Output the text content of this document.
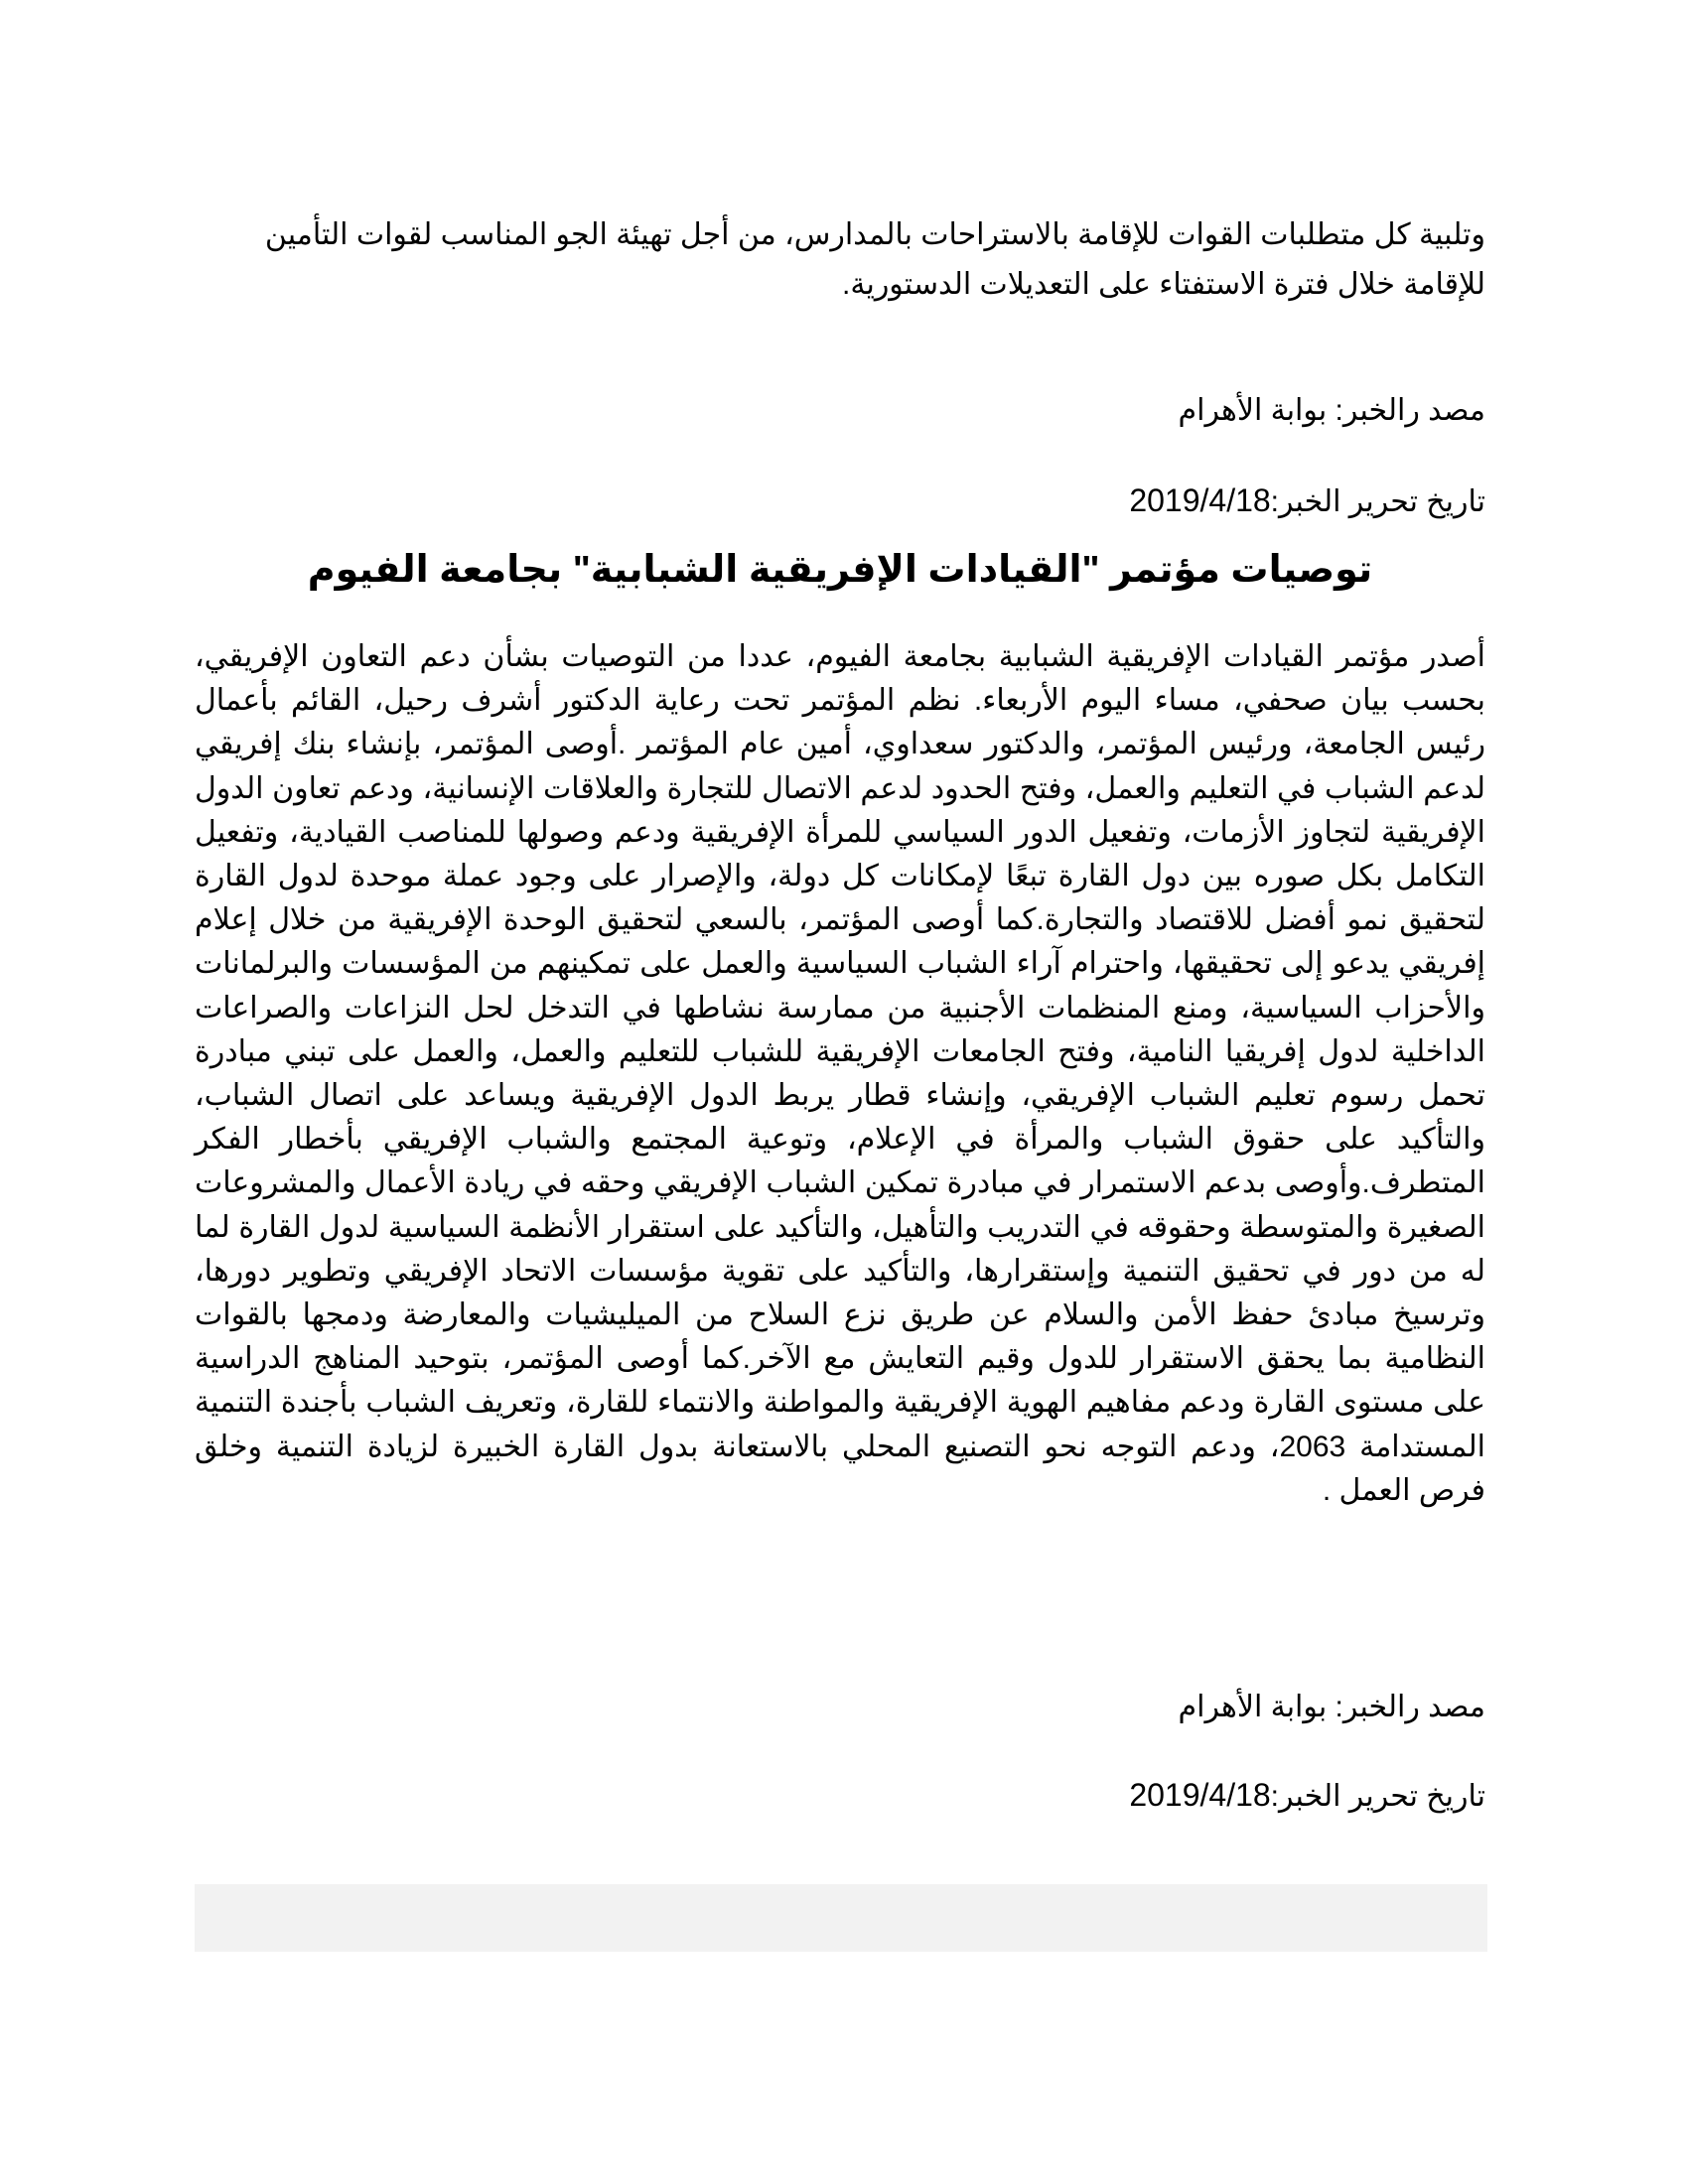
وتلبية كل متطلبات القوات للإقامة بالاستراحات بالمدارس، من أجل تهيئة الجو المناسب لقوات التأمين للإقامة خلال فترة الاستفتاء على التعديلات الدستورية.

مصد رالخبر: بوابة الأهرام

تاريخ تحرير الخبر:2019/4/18

توصيات مؤتمر "القيادات الإفريقية الشبابية" بجامعة الفيوم

أصدر مؤتمر القيادات الإفريقية الشبابية بجامعة الفيوم، عددا من التوصيات بشأن دعم التعاون الإفريقي، بحسب بيان صحفي، مساء اليوم الأربعاء. نظم المؤتمر تحت رعاية الدكتور أشرف رحيل، القائم بأعمال رئيس الجامعة، ورئيس المؤتمر، والدكتور سعداوي، أمين عام المؤتمر .أوصى المؤتمر، بإنشاء بنك إفريقي لدعم الشباب في التعليم والعمل، وفتح الحدود لدعم الاتصال للتجارة والعلاقات الإنسانية، ودعم تعاون الدول الإفريقية لتجاوز الأزمات، وتفعيل الدور السياسي للمرأة الإفريقية ودعم وصولها للمناصب القيادية، وتفعيل التكامل بكل صوره بين دول القارة تبعًا لإمكانات كل دولة، والإصرار على وجود عملة موحدة لدول القارة لتحقيق نمو أفضل للاقتصاد والتجارة.كما أوصى المؤتمر، بالسعي لتحقيق الوحدة الإفريقية من خلال إعلام إفريقي يدعو إلى تحقيقها، واحترام آراء الشباب السياسية والعمل على تمكينهم من المؤسسات والبرلمانات والأحزاب السياسية، ومنع المنظمات الأجنبية من ممارسة نشاطها في التدخل لحل النزاعات والصراعات الداخلية لدول إفريقيا النامية، وفتح الجامعات الإفريقية للشباب للتعليم والعمل، والعمل على تبني مبادرة تحمل رسوم تعليم الشباب الإفريقي، وإنشاء قطار يربط الدول الإفريقية ويساعد على اتصال الشباب، والتأكيد على حقوق الشباب والمرأة في الإعلام، وتوعية المجتمع والشباب الإفريقي بأخطار الفكر المتطرف.وأوصى بدعم الاستمرار في مبادرة تمكين الشباب الإفريقي وحقه في ريادة الأعمال والمشروعات الصغيرة والمتوسطة وحقوقه في التدريب والتأهيل، والتأكيد على استقرار الأنظمة السياسية لدول القارة لما له من دور في تحقيق التنمية وإستقرارها، والتأكيد على تقوية مؤسسات الاتحاد الإفريقي وتطوير دورها، وترسيخ مبادئ حفظ الأمن والسلام عن طريق نزع السلاح من الميليشيات والمعارضة ودمجها بالقوات النظامية بما يحقق الاستقرار للدول وقيم التعايش مع الآخر.كما أوصى المؤتمر، بتوحيد المناهج الدراسية على مستوى القارة ودعم مفاهيم الهوية الإفريقية والمواطنة والانتماء للقارة، وتعريف الشباب بأجندة التنمية المستدامة 2063، ودعم التوجه نحو التصنيع المحلي بالاستعانة بدول القارة الخبيرة لزيادة التنمية وخلق فرص العمل .

مصد رالخبر: بوابة الأهرام

تاريخ تحرير الخبر:2019/4/18
